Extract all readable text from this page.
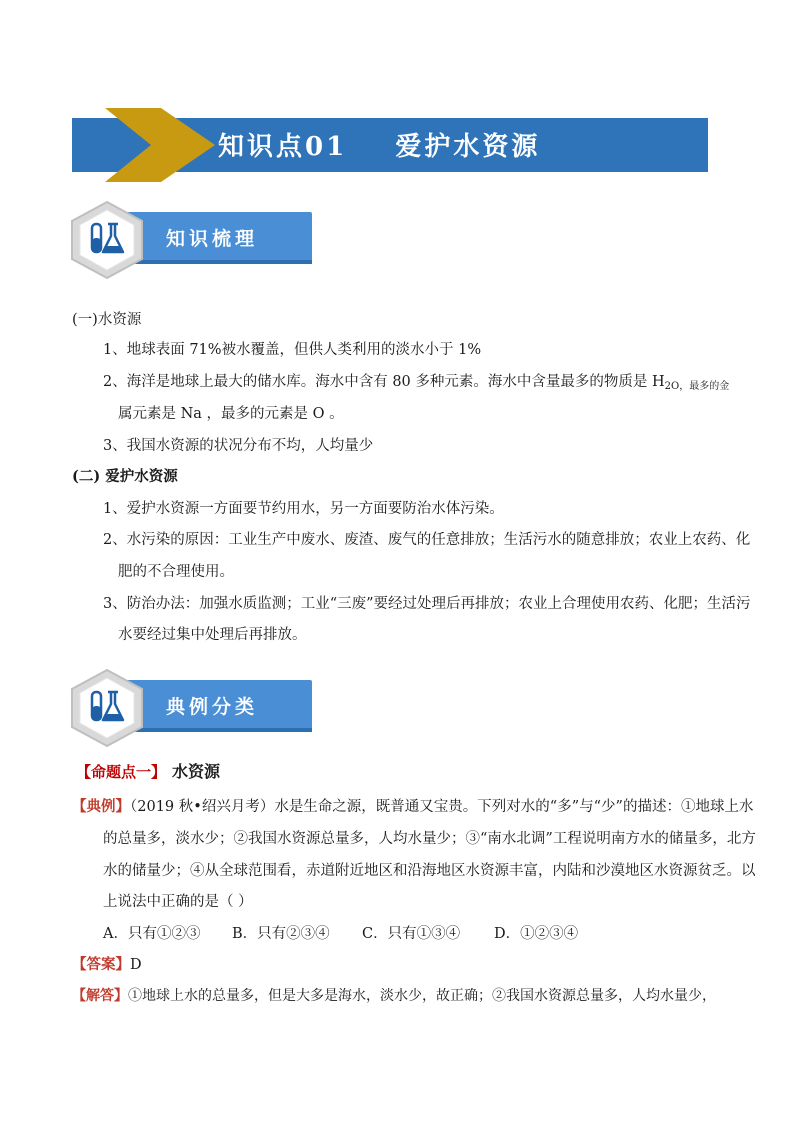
知识点01    爱护水资源
知识梳理
(一)水资源
1、地球表面 71%被水覆盖，但供人类利用的淡水小于 1%
2、海洋是地球上最大的储水库。海水中含有 80 多种元素。海水中含量最多的物质是 $H_{2O,最多的金}$
属元素是 Na ，最多的元素是 O 。
3、我国水资源的状况分布不均，人均量少
(二) 爱护水资源
1、爱护水资源一方面要节约用水，另一方面要防治水体污染。
2、水污染的原因：工业生产中废水、废渣、废气的任意排放；生活污水的随意排放；农业上农药、化
肥的不合理使用。
3、防治办法：加强水质监测；工业“三废”要经过处理后再排放；农业上合理使用农药、化肥；生活污
水要经过集中处理后再排放。
典例分类
【命题点一】 水资源
【典例】（2019 秋•绍兴月考）水是生命之源，既普通又宝贵。下列对水的“多”与“少”的描述：①地球上水
的总量多，淡水少；②我国水资源总量多，人均水量少；③“南水北调”工程说明南方水的储量多，北方
水的储量少；④从全球范围看，赤道附近地区和沿海地区水资源丰富，内陆和沙漠地区水资源贫乏。以
上说法中正确的是（ ）
A．只有①②③ B．只有②③④ C．只有①③④ D．①②③④
【答案】D
【解答】①地球上水的总量多，但是大多是海水，淡水少，故正确；②我国水资源总量多，人均水量少，
